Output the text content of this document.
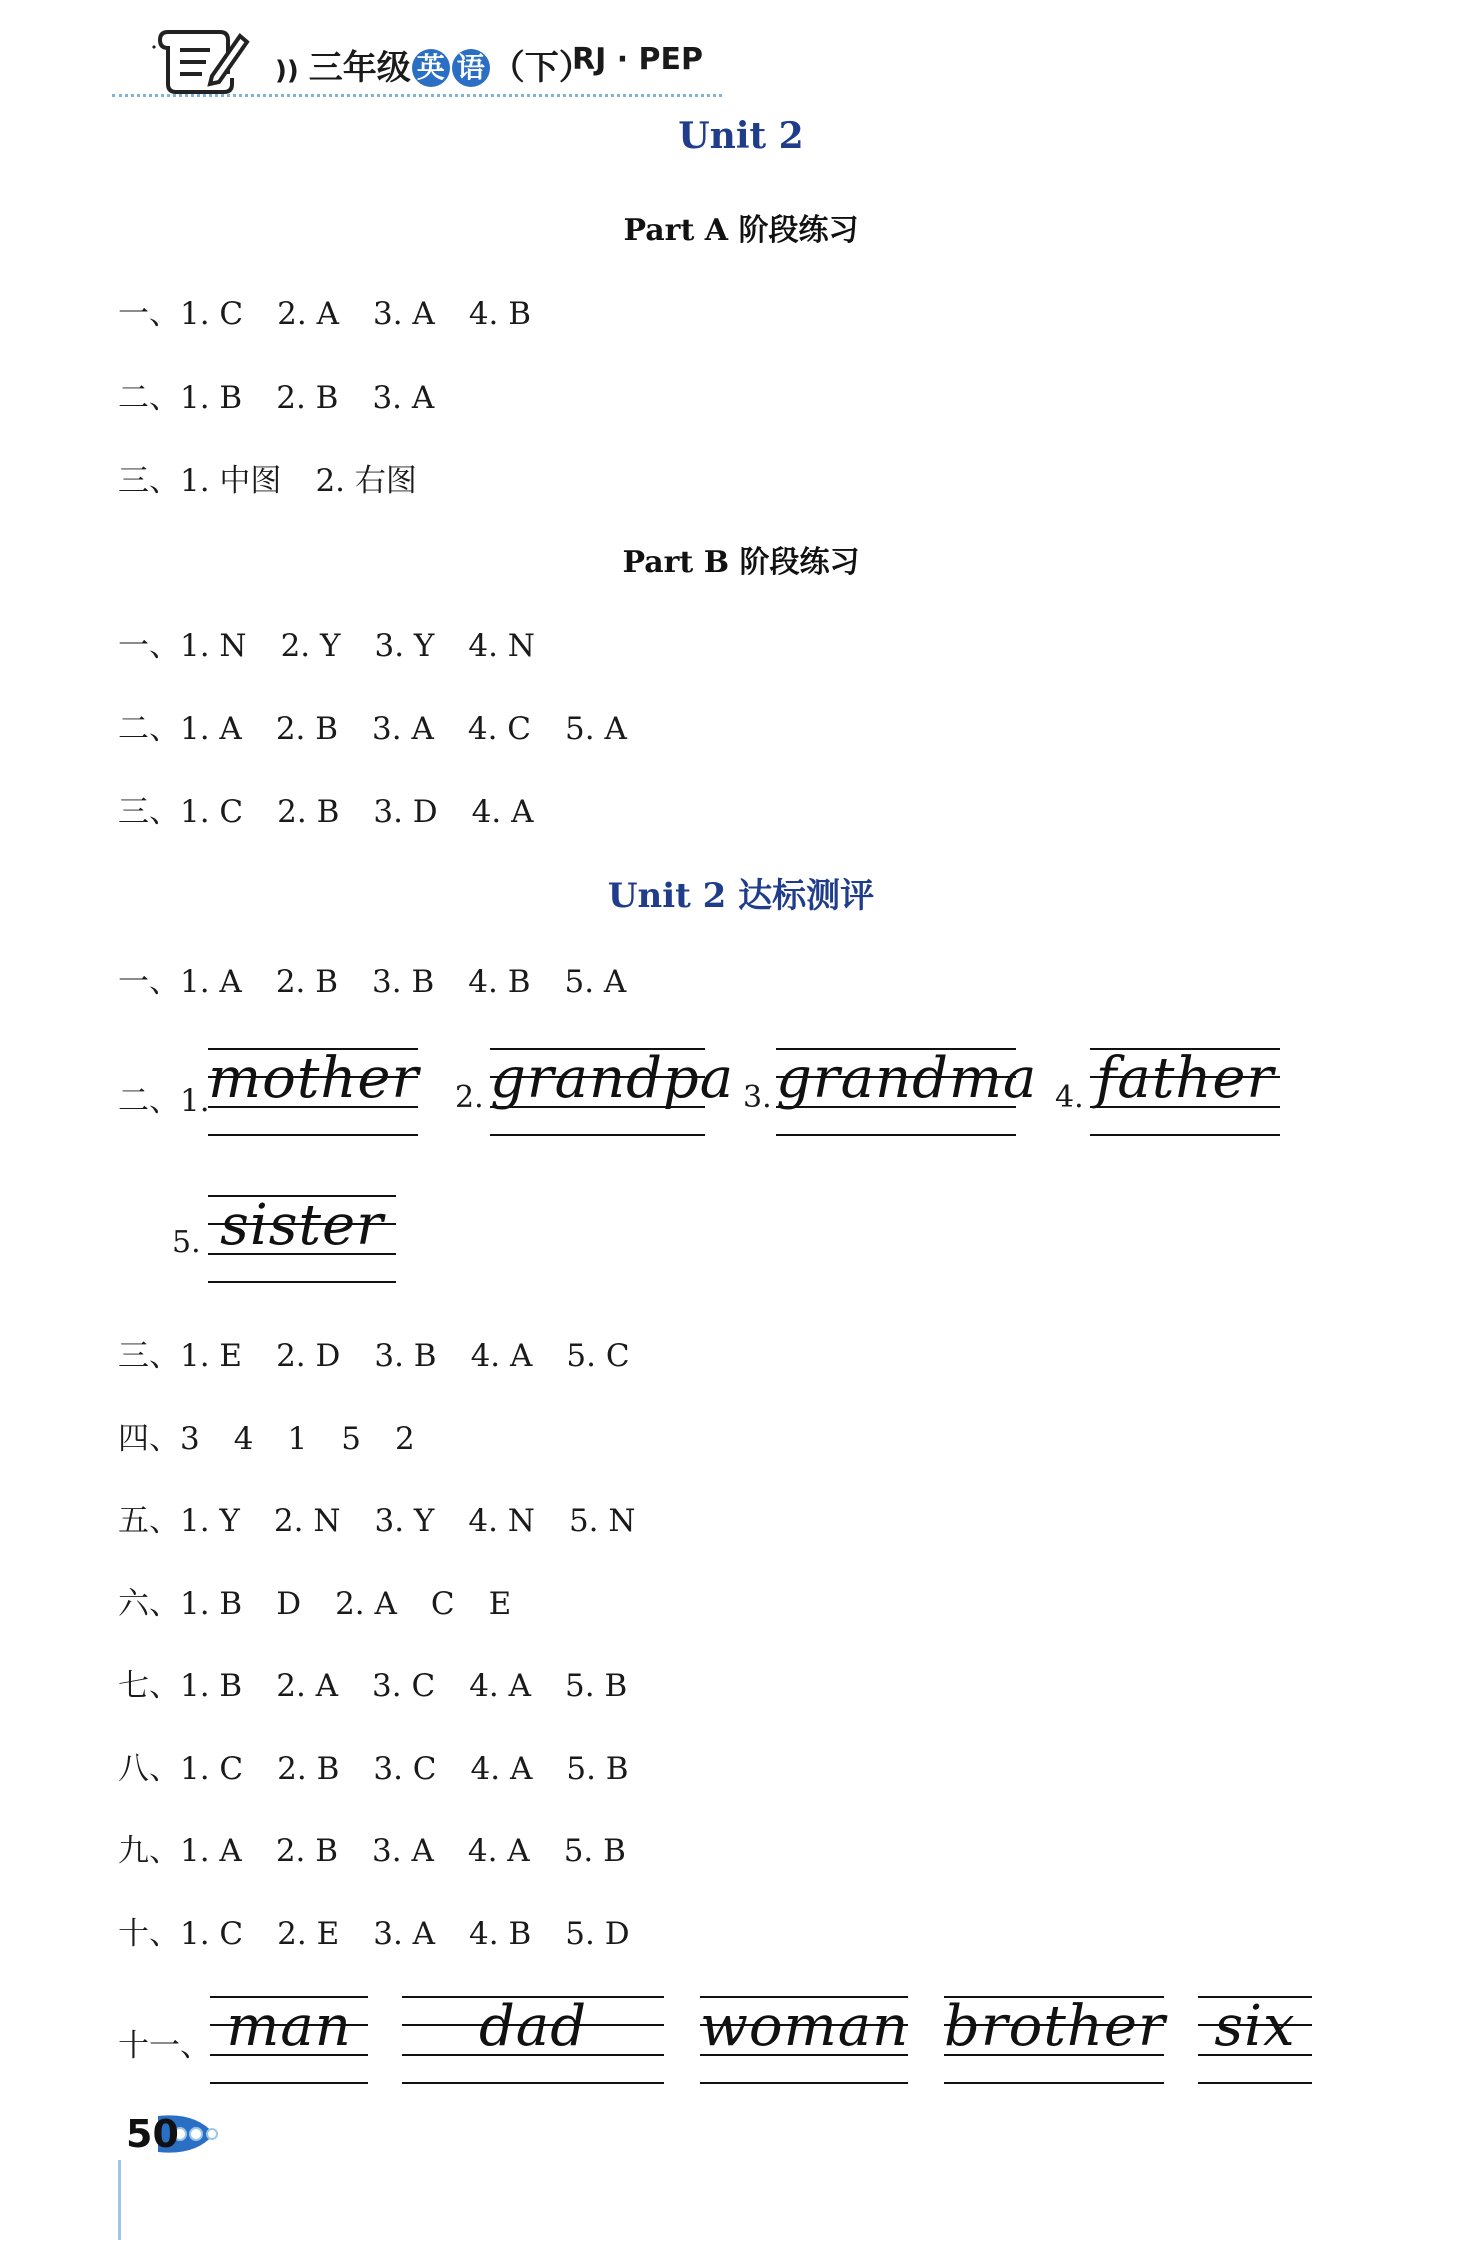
)) 三年级 英 语 （下）
RJ · PEP
Unit 2
Part A 阶段练习
一、1. C 2. A 3. A 4. B
二、1. B 2. B 3. A
三、1. 中图 2. 右图
Part B 阶段练习
一、1. N 2. Y 3. Y 4. N
二、1. A 2. B 3. A 4. C 5. A
三、1. C 2. B 3. D 4. A
Unit 2 达标测评
一、1. A 2. B 3. B 4. B 5. A
二、1.
mother 2. grandpa 3. grandma 4. father
5. sister
三、1. E 2. D 3. B 4. A 5. C
四、3 4 1 5 2
五、1. Y 2. N 3. Y 4. N 5. N
六、1. B D 2. A C E
七、1. B 2. A 3. C 4. A 5. B
八、1. C 2. B 3. C 4. A 5. B
九、1. A 2. B 3. A 4. A 5. B
十、1. C 2. E 3. A 4. B 5. D
十一、 man	dad	woman brother six
50
